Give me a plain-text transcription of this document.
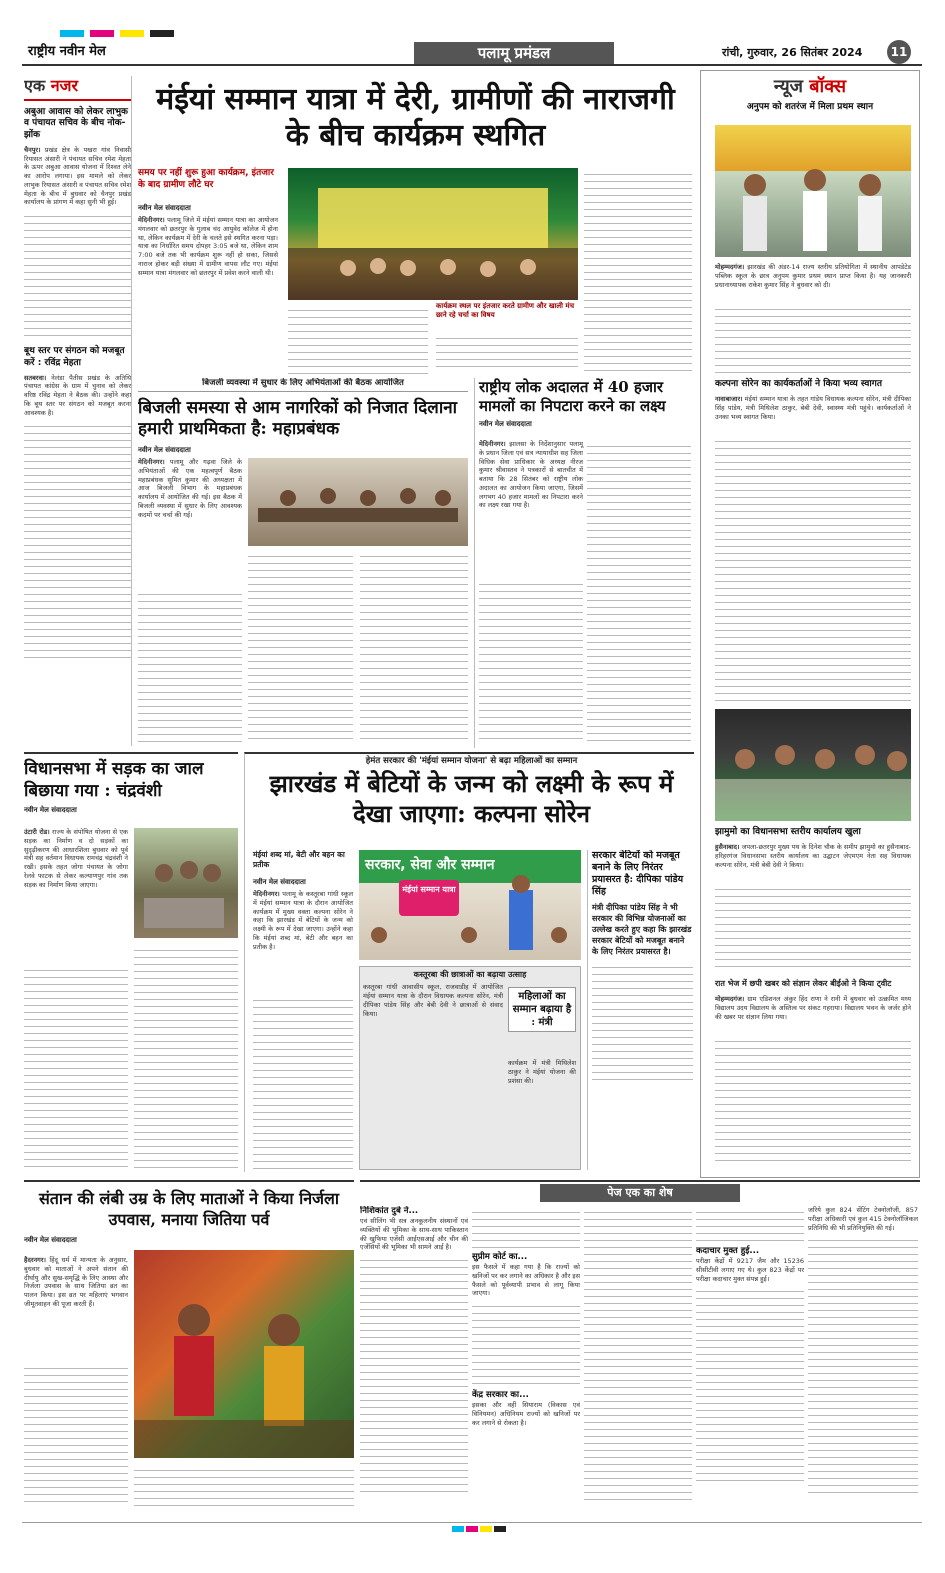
राष्ट्रीय नवीन मेल	पलामू प्रमंडल	रांची, गुरुवार, 26 सितंबर 2024	11
एक नजर
अबुआ आवास को लेकर लाभुक व पंचायत सचिव के बीच नोक-झोंक
चैनपुर। प्रखंड क्षेत्र के पखरा गांव निवासी रियासत अंसारी ने पंचायत सचिव रमेश मेहता के ऊपर अबुआ आवास योजना में रिश्वत लेने का आरोप लगाया। इस मामले को लेकर लाभुक रियासत अंसारी व पंचायत सचिव रमेश मेहता के बीच में बुधवार को चैनपुर प्रखंड कार्यालय के प्रांगण में कहा सुनी भी हुई।
बूथ स्तर पर संगठन को मजबूत करें : रविंद्र मेहता
सतबरवा। नेलंडा पैतीस प्रखंड के अतिथि पंचायत कांग्रेस के ग्राम में चुनाव को लेकर वरिष्ठ रविंद्र मेहता ने बैठक की। उन्होंने कहा कि बूथ स्तर पर संगठन को मजबूत करना आवश्यक है।
मंईयां सम्मान यात्रा में देरी, ग्रामीणों की नाराजगी के बीच कार्यक्रम स्थगित
समय पर नहीं शुरू हुआ कार्यक्रम, इंतजार के बाद ग्रामीण लौटे घर
नवीन मेल संवाददाता
मेदिनीनगर। पलामू जिले में मंईयां सम्मान यात्रा का आयोजन मंगलवार को छतरपुर के गुलाब चंद आयुवेद कॉलेज में होना था, लेकिन कार्यक्रम में देरी के चलते इसे स्थगित करना पड़ा। यात्रा का निर्धारित समय दोपहर 3:05 बजे था, लेकिन शाम 7:00 बजे तक भी कार्यक्रम शुरू नहीं हो सका, जिससे नाराज होकर बड़ी संख्या में ग्रामीण वापस लौट गए। मंईयां सम्मान यात्रा मंगलवार को छतरपुर में प्रवेश करने वाली थी।
कार्यक्रम स्थल पर इंतजार करते ग्रामीण और खाली मंच छाने रहे चर्चा का विषय
बिजली व्यवस्था में सुधार के लिए अभियंताओं की बैठक आयोजित
बिजली समस्या से आम नागरिकों को निजात दिलाना हमारी प्राथमिकता है: महाप्रबंधक
नवीन मेल संवाददाता
मेदिनीनगर। पलामू और गढ़वा जिले के अभियंताओं की एक महत्वपूर्ण बैठक महाप्रबंधक सुमित कुमार की अध्यक्षता में आज बिजली विभाग के महाप्रबंधक कार्यालय में आयोजित की गई। इस बैठक में बिजली व्यवस्था में सुधार के लिए आवश्यक कदमों पर चर्चा की गई।
राष्ट्रीय लोक अदालत में 40 हजार मामलों का निपटारा करने का लक्ष्य
नवीन मेल संवाददाता
मेदिनीनगर। झालसा के निर्देशानुसार पलामू के प्रधान जिला एवं सत्र न्यायाधीश सह जिला विधिक सेवा प्राधिकार के अध्यक्ष नीरज कुमार श्रीवास्तव ने पत्रकारों से बातचीत में बताया कि 28 सितंबर को राष्ट्रीय लोक अदालत का आयोजन किया जाएगा, जिसमें लगभग 40 हजार मामलों का निपटारा करने का लक्ष्य रखा गया है।
विधानसभा में सड़क का जाल बिछाया गया : चंद्रवंशी
नवीन मेल संवाददाता
उंटारी रोड। राज्य के संपोषित योजना से एक सड़क का निर्माण व दो सड़कों का सुदृढ़ीकरण की आधारशिला बुधवार को पूर्व मंत्री सह वर्तमान विधायक रामचंद्र चंद्रवंशी ने रखी। इसके तहत जोगा पंचायत के जोगा रेलवे फाटक से लेकर कल्याणपुर गांव तक सड़क का निर्माण किया जाएगा।
हेमंत सरकार की 'मंईयां सम्मान योजना' से बढ़ा महिलाओं का सम्मान
झारखंड में बेटियों के जन्म को लक्ष्मी के रूप में देखा जाएगा: कल्पना सोरेन
मंईयां शब्द मां, बेटी और बहन का प्रतीक
नवीन मेल संवाददाता
मेदिनीनगर। पलामू के कस्तूरबा गांधी स्कूल में मंईयां सम्मान यात्रा के दौरान आयोजित कार्यक्रम में मुख्य वक्ता कल्पना सोरेन ने कहा कि झारखंड में बेटियों के जन्म को लक्ष्मी के रूप में देखा जाएगा। उन्होंने कहा कि मंईयां शब्द मां, बेटी और बहन का प्रतीक है।
सरकार, सेवा और सम्मान
मंईयां सम्मान यात्रा
कस्तूरबा की छात्राओं का बढ़ाया उत्साह
कस्तूरबा गांधी आवासीय स्कूल, राजवाडीह में आयोजित मंईयां सम्मान यात्रा के दौरान विधायक कल्पना सोरेन, मंत्री दीपिका पांडेय सिंह और बेबी देवी ने छात्राओं से संवाद किया।
महिलाओं का सम्मान बढ़ाया है : मंत्री
कार्यक्रम में मंत्री मिथिलेश ठाकुर ने मंईयां योजना की प्रशंसा की।
सरकार बेटियों को मजबूत बनाने के लिए निरंतर प्रयासरत है: दीपिका पांडेय सिंह
मंत्री दीपिका पांडेय सिंह ने भी सरकार की विभिन्न योजनाओं का उल्लेख करते हुए कहा कि झारखंड सरकार बेटियों को मजबूत बनाने के लिए निरंतर प्रयासरत है।
न्यूज बॉक्स
अनुपम को शतरंज में मिला प्रथम स्थान
मोहम्मदगंज। झारखंड की अंडर-14 राज्य स्तरीय प्रतियोगिता में स्थानीय आपडेटेड पब्लिक स्कूल के छात्र अनुपम कुमार प्रथम स्थान प्राप्त किया है। यह जानकारी प्रधानाध्यापक राकेश कुमार सिंह ने बुधवार को दी।
कल्पना सोरेन का कार्यकर्ताओं ने किया भव्य स्वागत
नावाबाजार। मंईयां सम्मान यात्रा के तहत गांडेय विधायक कल्पना सोरेन, मंत्री दीपिका सिंह पांडेय, मंत्री मिथिलेश ठाकुर, बेबी देवी, स्वास्थ्य मंत्री पहुंचे। कार्यकर्ताओं ने उनका भव्य स्वागत किया।
झामुमो का विधानसभा स्तरीय कार्यालय खुला
हुसैनाबाद। जपला-छतरपुर मुख्य पथ के दिनेश चौक के समीप झामुमो का हुसैनाबाद-हरिहरगंज विधानसभा स्तरीय कार्यालय का उद्घाटन जेएमएम नेता सह विधायक कल्पना सोरेन, मंत्री बेबी देवी ने किया।
रात भेज में छपी खबर को संज्ञान लेकर बीईओ ने किया ट्वीट
मोहम्मदगंज। ग्राम एडिशनल अंकुर हिंद राणा ने रानी में बुधवार को उत्क्रमित मध्य विद्यालय उदय विद्यालय के अस्तित्व पर संकट गहराया। विद्यालय भवन के जर्जर होने की खबर पर संज्ञान लिया गया।
संतान की लंबी उम्र के लिए माताओं ने किया निर्जला उपवास, मनाया जितिया पर्व
नवीन मेल संवाददाता
हैदरनगर। हिंदू धर्म में मान्यता के अनुसार, बुधवार को माताओं ने अपने संतान की दीर्घायु और सुख-समृद्धि के लिए आस्था और निर्जला उपवास के साथ जितिया व्रत का पालन किया। इस व्रत पर महिलाएं भगवान जीमूतवाहन की पूजा करती हैं।
पेज एक का शेष
निशिकांत दुबे ने...
एवं सीलिंग भी सत्र अनकूलनीय संस्थानों एवं व्यक्तियों की भूमिका के साथ-साथ पाकिस्तान की खुफिया एजेंसी आईएसआई और चीन की एजेंसियों की भूमिका भी सामने आई है।
सुप्रीम कोर्ट का...
इस फैसले में कहा गया है कि राज्यों को खनिजों पर कर लगाने का अधिकार है और इस फैसले को पूर्वव्यापी प्रभाव से लागू किया जाएगा।
केंद्र सरकार का...
इसका और वहीं सियाराम (विकास एवं विनियमन) अधिनियम राज्यों को खनिजों पर कर लगाने से रोकता है।
कदाचार मुक्त हुई...
परीक्षा केंद्रों में 9217 जैम और 15236 सीसीटीवी लगाए गए थे। कुल 823 केंद्रों पर परीक्षा कदाचार मुक्त संपन्न हुई।
जरिये कुल 824 सेंटिंग टेक्नोलॉजी, 857 परीक्षा अधिकारी एवं कुल 415 टेक्नोलॉजिकल प्रतिनिधि की भी प्रतिनियुक्ति की गई।
